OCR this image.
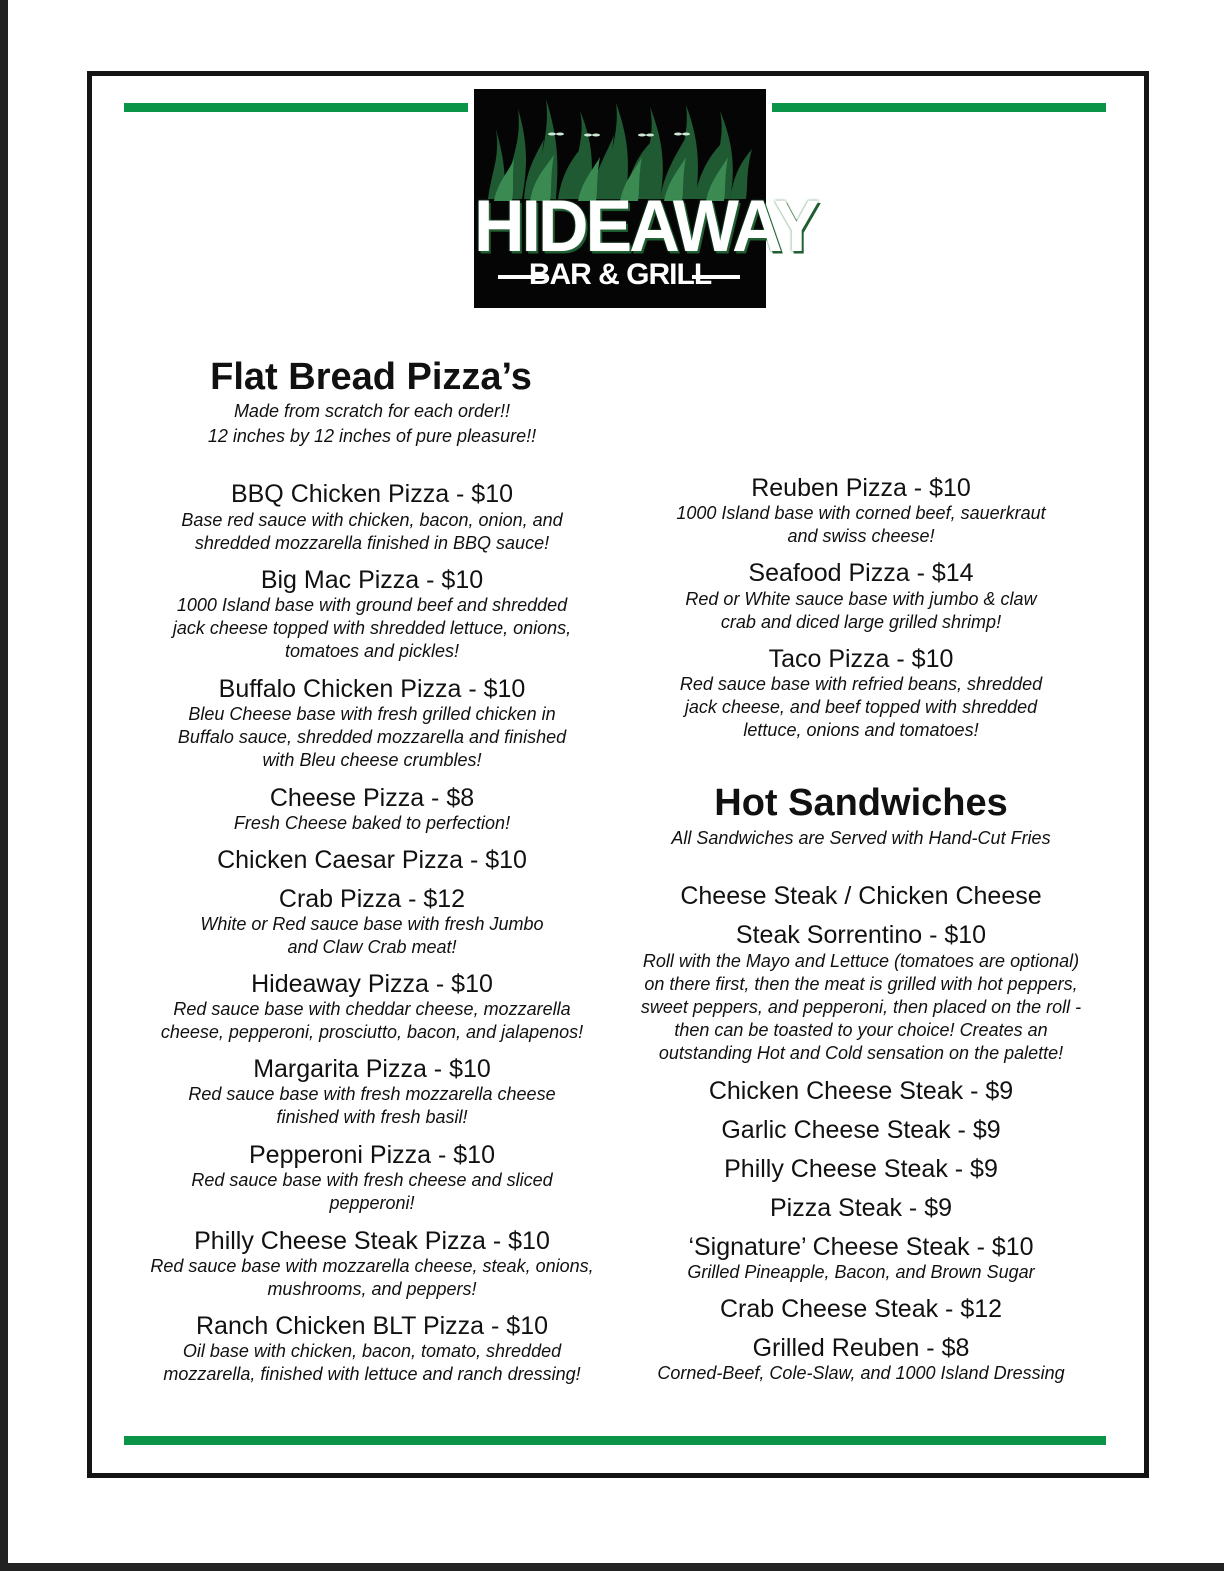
HIDEAWAY
BAR & GRILL
Flat Bread Pizza’s
Made from scratch for each order!!
12 inches by 12 inches of pure pleasure!!
BBQ Chicken Pizza - $10
Base red sauce with chicken, bacon, onion, and
shredded mozzarella finished in BBQ sauce!
Big Mac Pizza - $10
1000 Island base with ground beef and shredded
jack cheese topped with shredded lettuce, onions,
tomatoes and pickles!
Buffalo Chicken Pizza - $10
Bleu Cheese base with fresh grilled chicken in
Buffalo sauce, shredded mozzarella and finished
with Bleu cheese crumbles!
Cheese Pizza - $8
Fresh Cheese baked to perfection!
Chicken Caesar Pizza - $10
Crab Pizza - $12
White or Red sauce base with fresh Jumbo
and Claw Crab meat!
Hideaway Pizza - $10
Red sauce base with cheddar cheese, mozzarella
cheese, pepperoni, prosciutto, bacon, and jalapenos!
Margarita Pizza - $10
Red sauce base with fresh mozzarella cheese
finished with fresh basil!
Pepperoni Pizza - $10
Red sauce base with fresh cheese and sliced
pepperoni!
Philly Cheese Steak Pizza - $10
Red sauce base with mozzarella cheese, steak, onions,
mushrooms, and peppers!
Ranch Chicken BLT Pizza - $10
Oil base with chicken, bacon, tomato, shredded
mozzarella, finished with lettuce and ranch dressing!
Reuben Pizza - $10
1000 Island base with corned beef, sauerkraut
and swiss cheese!
Seafood Pizza - $14
Red or White sauce base with jumbo & claw
crab and diced large grilled shrimp!
Taco Pizza - $10
Red sauce base with refried beans, shredded
jack cheese, and beef topped with shredded
lettuce, onions and tomatoes!
Hot Sandwiches
All Sandwiches are Served with Hand-Cut Fries
Cheese Steak / Chicken Cheese
Steak Sorrentino - $10
Roll with the Mayo and Lettuce (tomatoes are optional)
on there first, then the meat is grilled with hot peppers,
sweet peppers, and pepperoni, then placed on the roll -
then can be toasted to your choice! Creates an
outstanding Hot and Cold sensation on the palette!
Chicken Cheese Steak - $9
Garlic Cheese Steak - $9
Philly Cheese Steak - $9
Pizza Steak - $9
‘Signature’ Cheese Steak - $10
Grilled Pineapple, Bacon, and Brown Sugar
Crab Cheese Steak - $12
Grilled Reuben - $8
Corned-Beef, Cole-Slaw, and 1000 Island Dressing
